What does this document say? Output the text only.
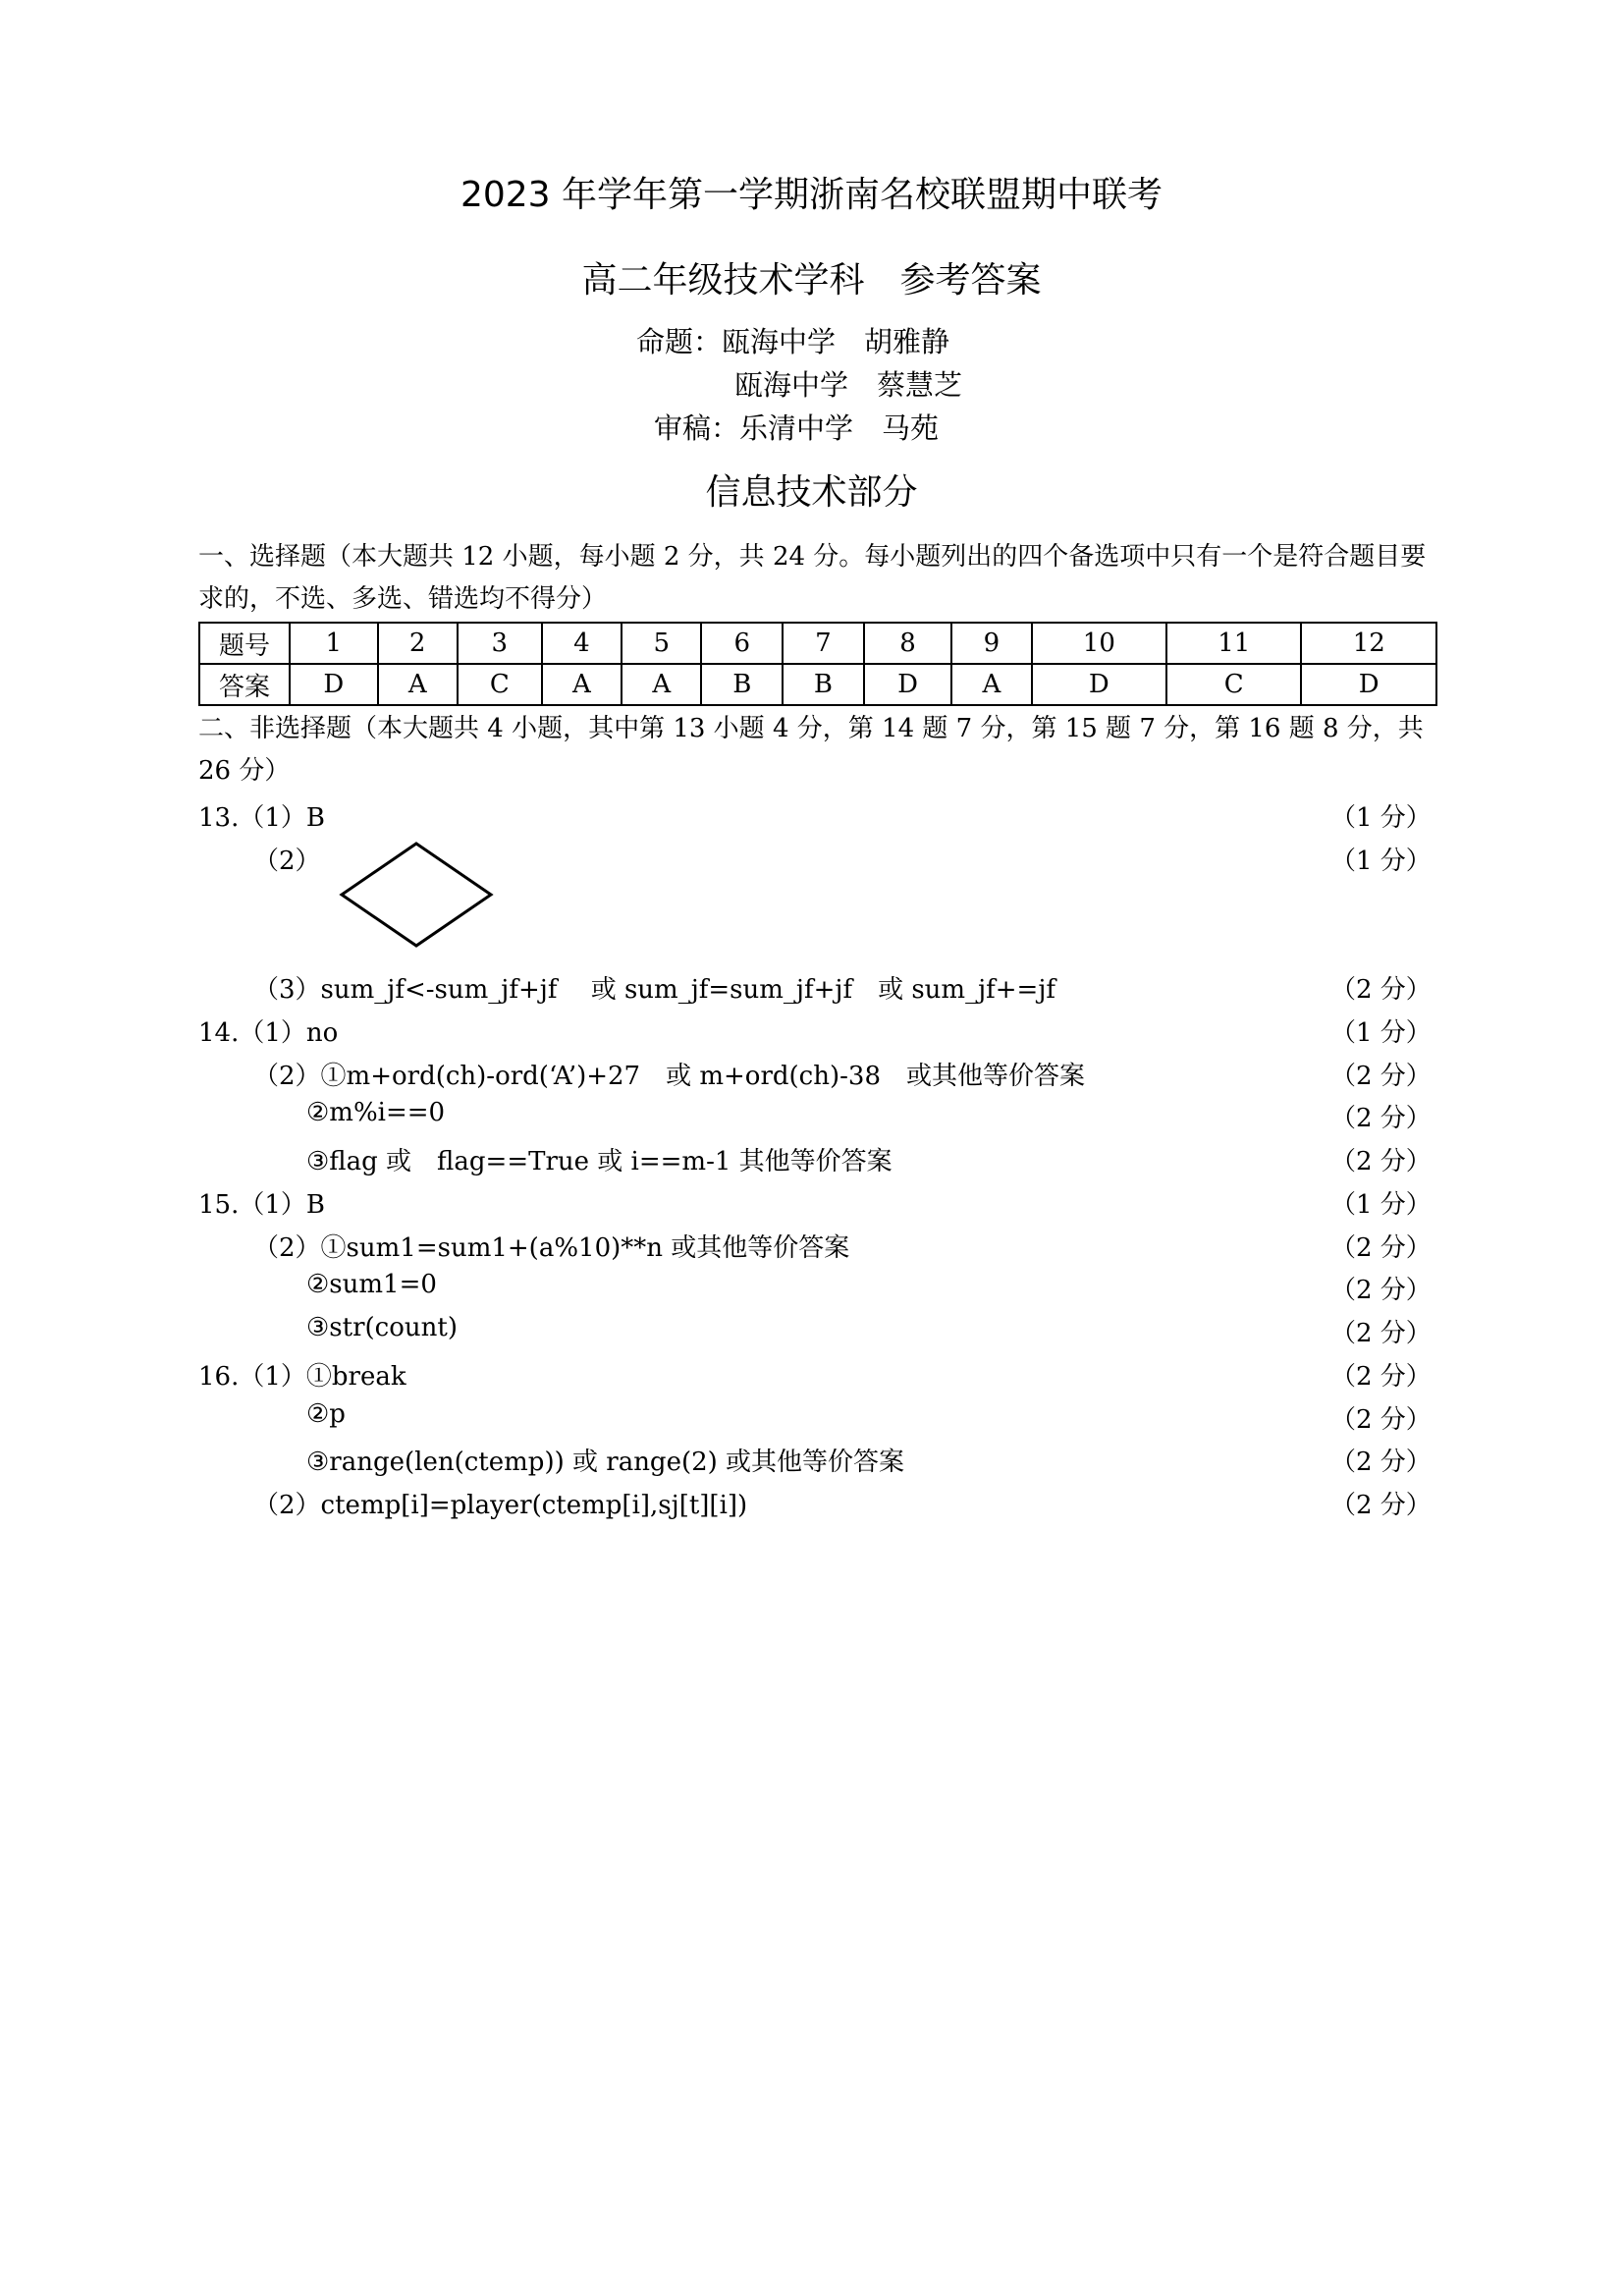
2023 年学年第一学期浙南名校联盟期中联考
高二年级技术学科　参考答案
命题：瓯海中学　 胡雅静
瓯海中学　 蔡慧芝
审稿：乐清中学　 马苑
信息技术部分
一、选择题（本大题共 12 小题，每小题 2 分，共 24 分。每小题列出的四个备选项中只有一个是符合题目要求的，不选、多选、错选均不得分）
题号	1	2	3	4	5	6	7	8	9	10	11	12
答案	D	A	C	A	A	B	B	D	A	D	C	D
二、非选择题（本大题共 4 小题，其中第 13 小题 4 分，第 14 题 7 分，第 15 题 7 分，第 16 题 8 分，共 26 分）
13.（1）B	（1 分）
（2）	（1 分）
（3）sum_jf<-sum_jf+jf　 或 sum_jf=sum_jf+jf　或 sum_jf+=jf	（2 分）
14.（1）no	（1 分）
（2）①m+ord(ch)-ord(‘A’)+27　或 m+ord(ch)-38　或其他等价答案	（2 分）
②m%i==0	（2 分）
③flag 或　flag==True 或 i==m-1 其他等价答案	（2 分）
15.（1）B	（1 分）
（2）①sum1=sum1+(a%10)**n 或其他等价答案	（2 分）
②sum1=0	（2 分）
③str(count)	（2 分）
16.（1）①break	（2 分）
②p	（2 分）
③range(len(ctemp)) 或 range(2) 或其他等价答案	（2 分）
（2）ctemp[i]=player(ctemp[i],sj[t][i])	（2 分）
